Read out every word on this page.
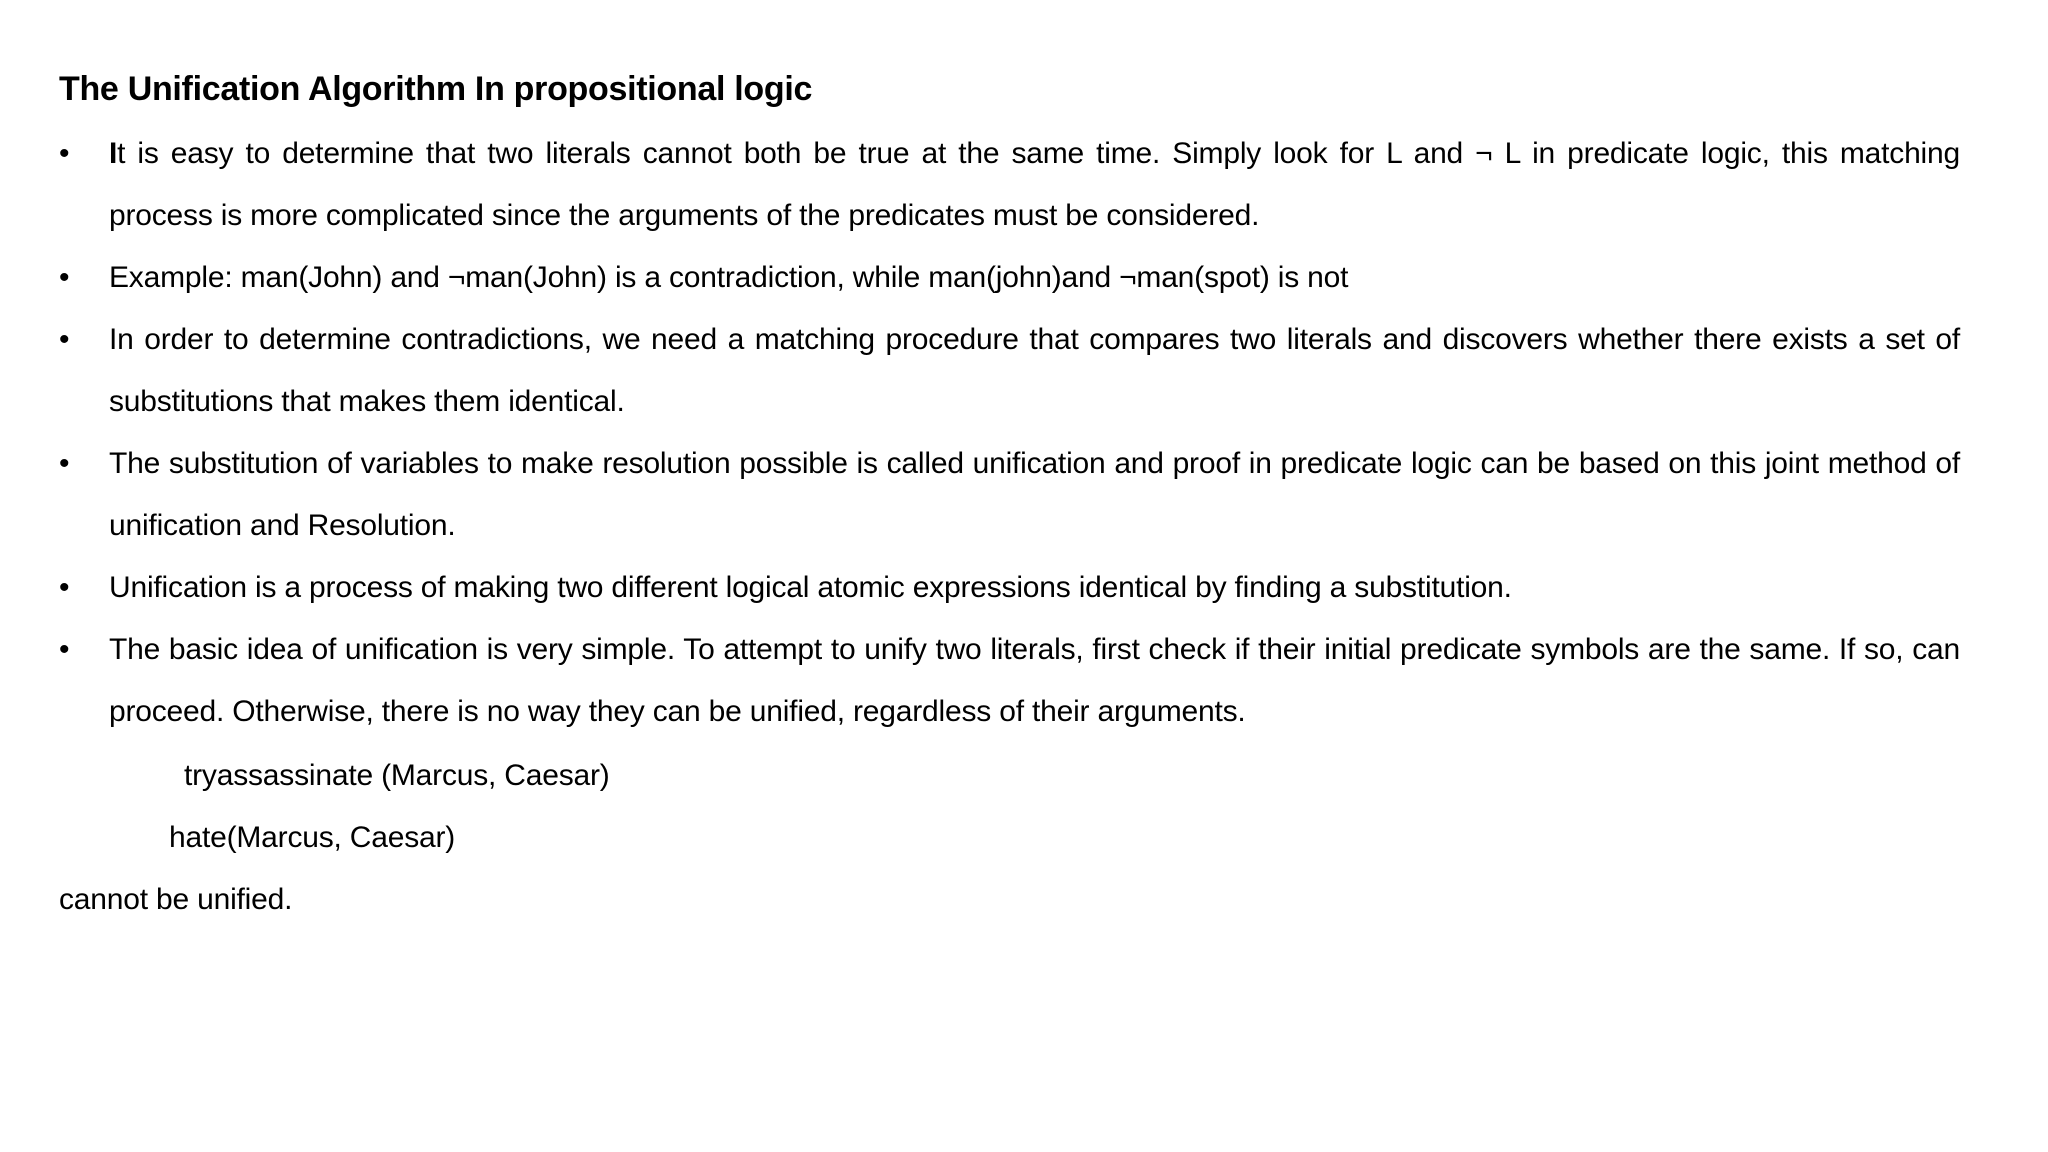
The Unification Algorithm In propositional logic
•	It is easy to determine that two literals cannot both be true at the same time. Simply look for L and ¬ L in predicate logic, this matching process is more complicated since the arguments of the predicates must be considered.
•	Example: man(John) and ¬man(John) is a contradiction, while man(john)and ¬man(spot) is not
•	In order to determine contradictions, we need a matching procedure that compares two literals and discovers whether there exists a set of substitutions that makes them identical.
•	The substitution of variables to make resolution possible is called unification and proof in predicate logic can be based on this joint method of unification and Resolution.
•	Unification is a process of making two different logical atomic expressions identical by finding a substitution.
•	The basic idea of unification is very simple. To attempt to unify two literals, first check if their initial predicate symbols are the same. If so, can proceed. Otherwise, there is no way they can be unified, regardless of their arguments.
tryassassinate (Marcus, Caesar)
hate(Marcus, Caesar)
cannot be unified.
